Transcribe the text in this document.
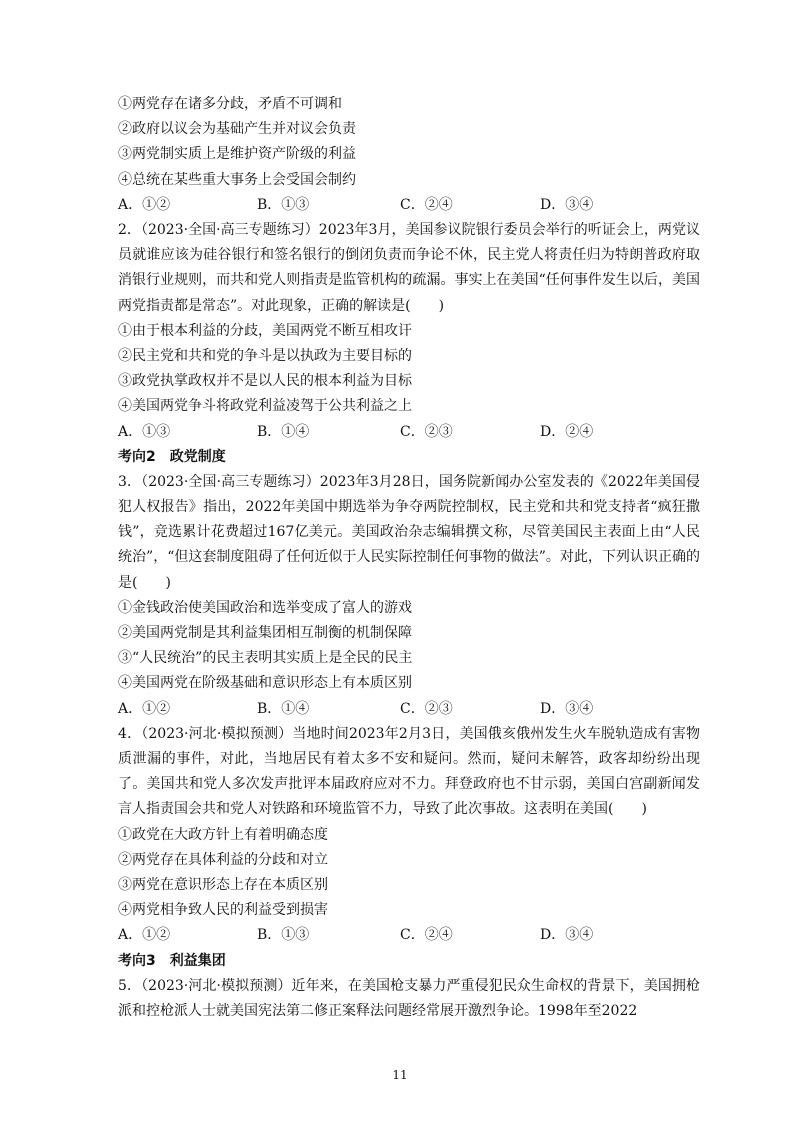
①两党存在诸多分歧，矛盾不可调和
②政府以议会为基础产生并对议会负责
③两党制实质上是维护资产阶级的利益
④总统在某些重大事务上会受国会制约
A．①②	B．①③	C．②④	D．③④
2．（2023·全国·高三专题练习）2023年3月，美国参议院银行委员会举行的听证会上，两党议员就谁应该为硅谷银行和签名银行的倒闭负责而争论不休，民主党人将责任归为特朗普政府取消银行业规则，而共和党人则指责是监管机构的疏漏。事实上在美国“任何事件发生以后，美国两党指责都是常态”。对此现象，正确的解读是(　　)
①由于根本利益的分歧，美国两党不断互相攻讦
②民主党和共和党的争斗是以执政为主要目标的
③政党执掌政权并不是以人民的根本利益为目标
④美国两党争斗将政党利益凌驾于公共利益之上
A．①③	B．①④	C．②③	D．②④
考向2　政党制度
3．（2023·全国·高三专题练习）2023年3月28日，国务院新闻办公室发表的《2022年美国侵犯人权报告》指出，2022年美国中期选举为争夺两院控制权，民主党和共和党支持者“疯狂撒钱”，竞选累计花费超过167亿美元。美国政治杂志编辑撰文称，尽管美国民主表面上由“人民统治”，“但这套制度阻碍了任何近似于人民实际控制任何事物的做法”。对此，下列认识正确的是(　　)
①金钱政治使美国政治和选举变成了富人的游戏
②美国两党制是其利益集团相互制衡的机制保障
③“人民统治”的民主表明其实质上是全民的民主
④美国两党在阶级基础和意识形态上有本质区别
A．①②	B．①④	C．②③	D．③④
4．（2023·河北·模拟预测）当地时间2023年2月3日，美国俄亥俄州发生火车脱轨造成有害物质泄漏的事件，对此，当地居民有着太多不安和疑问。然而，疑问未解答，政客却纷纷出现了。美国共和党人多次发声批评本届政府应对不力。拜登政府也不甘示弱，美国白宫副新闻发言人指责国会共和党人对铁路和环境监管不力，导致了此次事故。这表明在美国(　　)
①政党在大政方针上有着明确态度
②两党存在具体利益的分歧和对立
③两党在意识形态上存在本质区别
④两党相争致人民的利益受到损害
A．①②	B．①③	C．②④	D．③④
考向3　利益集团
5．（2023·河北·模拟预测）近年来，在美国枪支暴力严重侵犯民众生命权的背景下，美国拥枪派和控枪派人士就美国宪法第二修正案释法问题经常展开激烈争论。1998年至2022
11
